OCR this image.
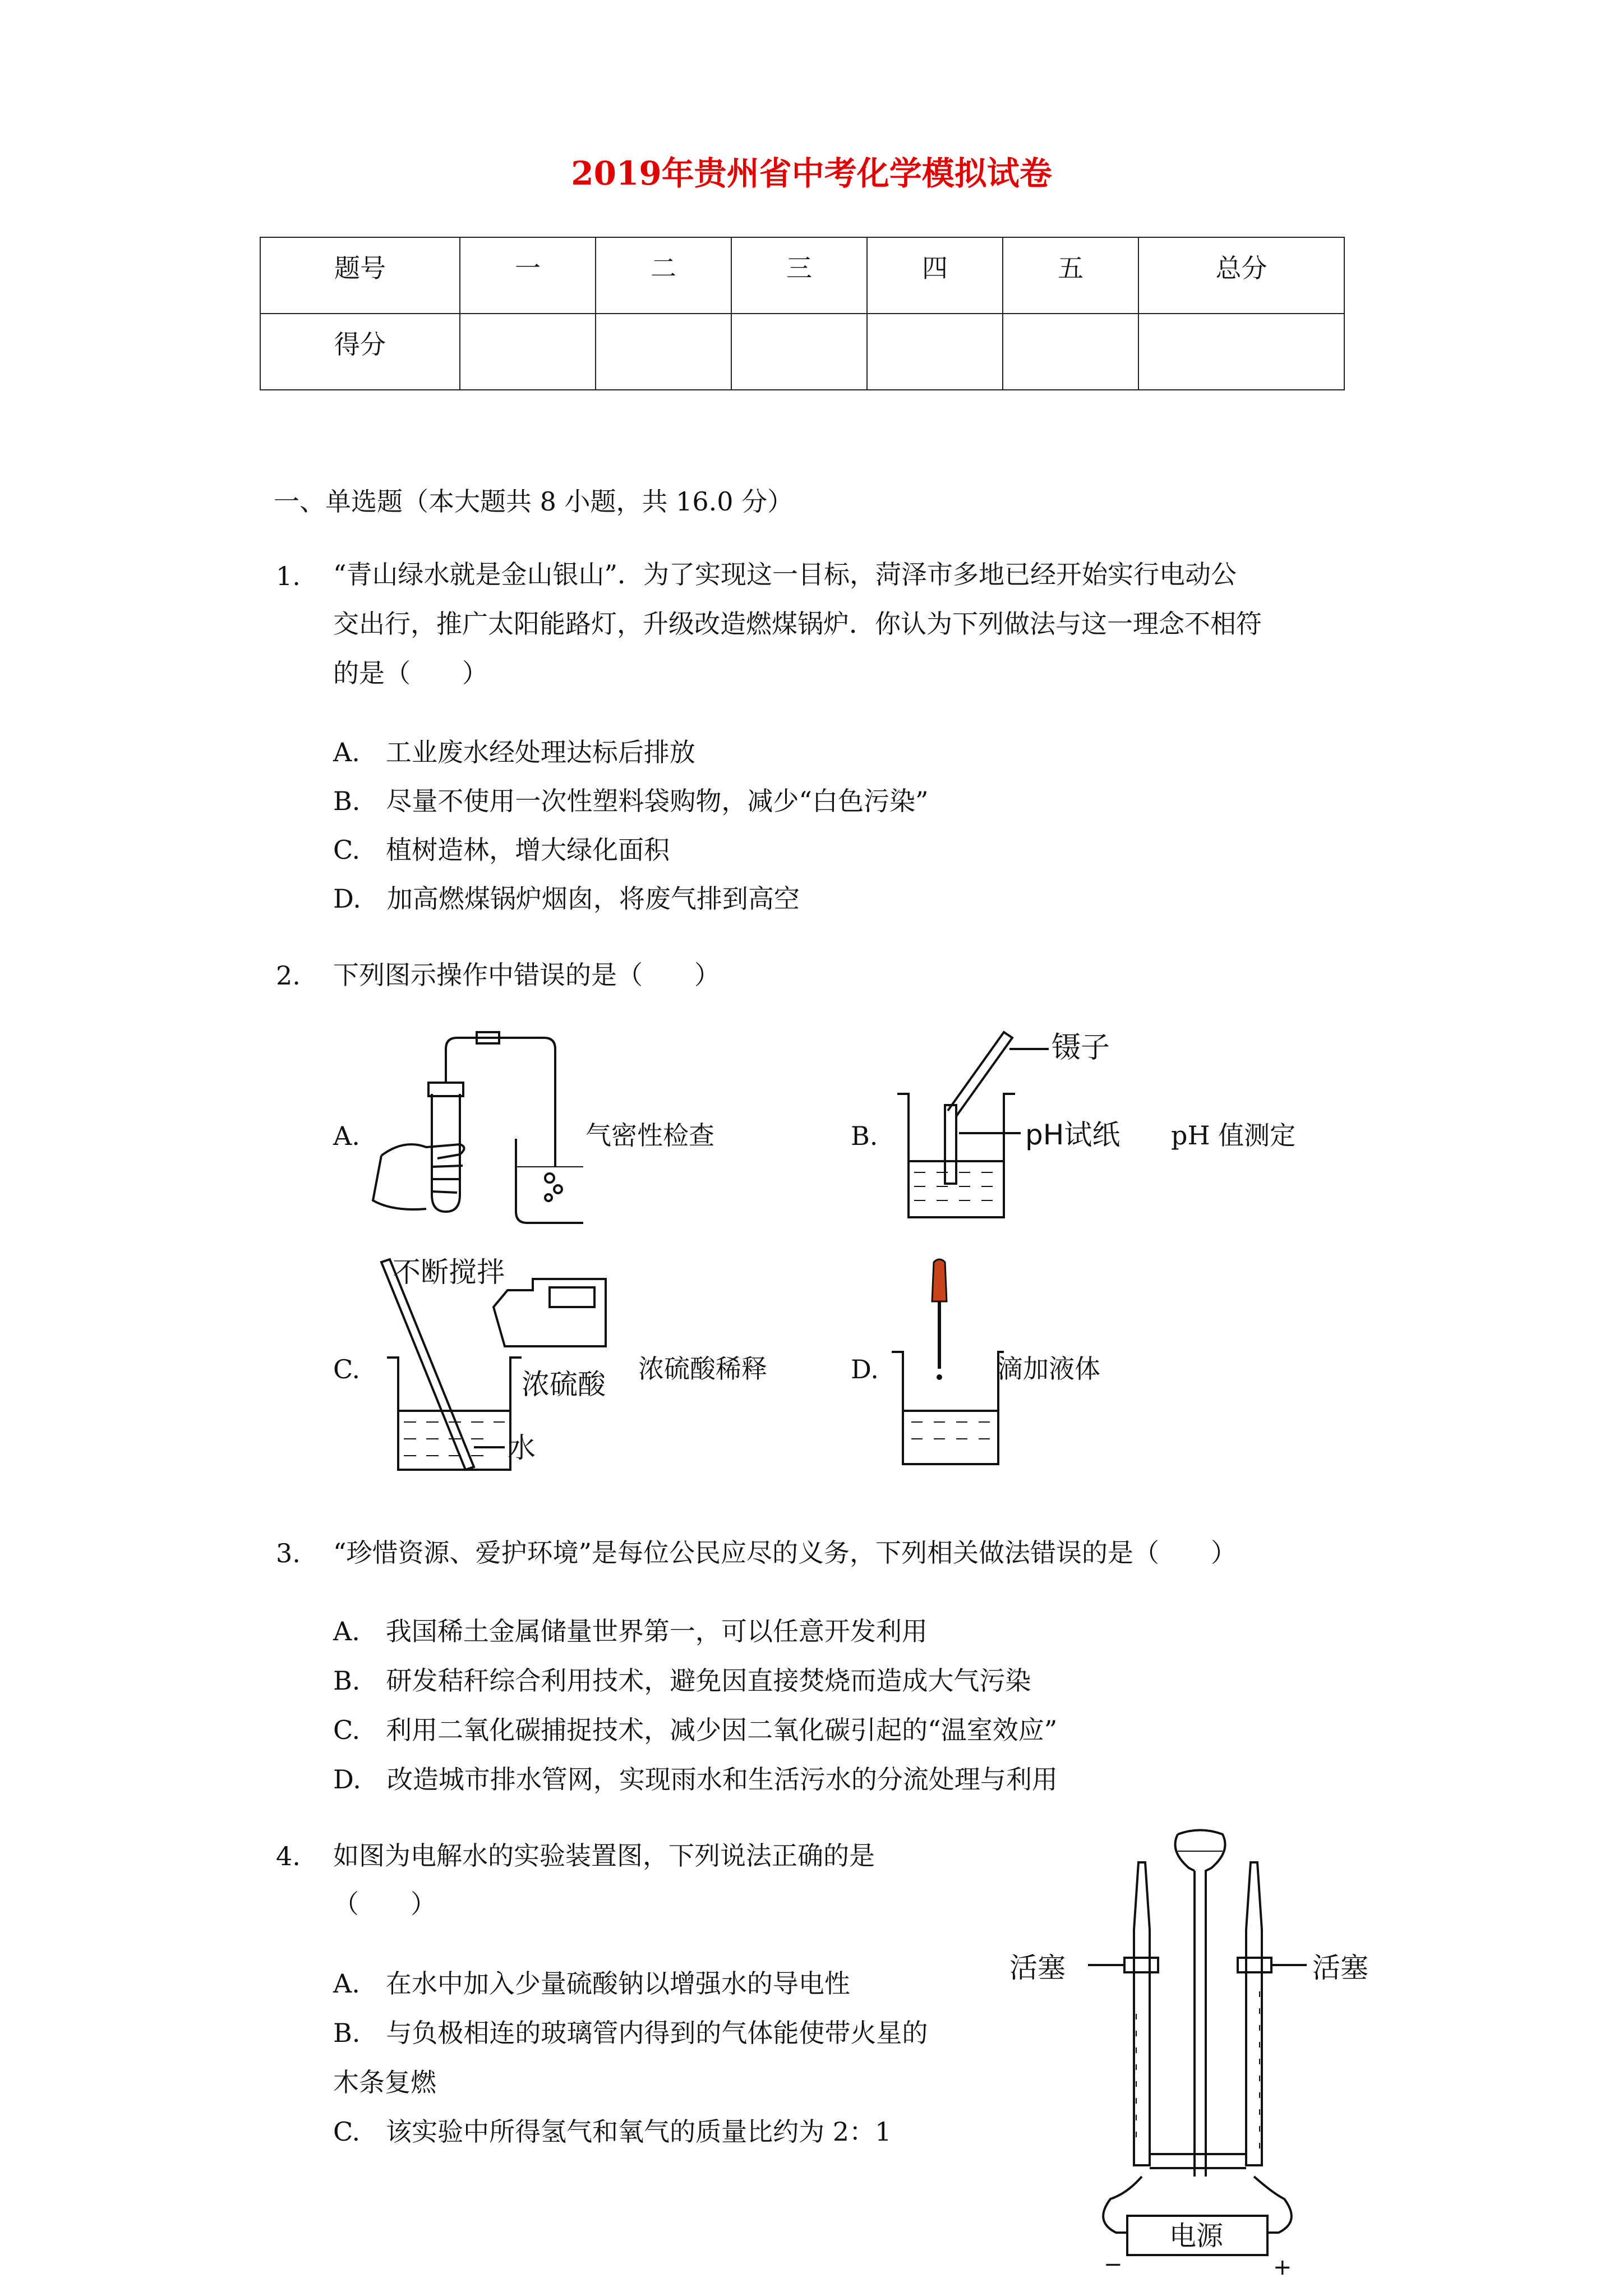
2019年贵州省中考化学模拟试卷
题号	一	二	三	四	五	总分
得分						
一、单选题（本大题共 8 小题，共 16.0 分）
1. “青山绿水就是金山银山”．为了实现这一目标，菏泽市多地已经开始实行电动公
交出行，推广太阳能路灯，升级改造燃煤锅炉．你认为下列做法与这一理念不相符
的是（　　）
A.　工业废水经处理达标后排放
B.　尽量不使用一次性塑料袋购物，减少“白色污染”
C.　植树造林，增大绿化面积
D.　加高燃煤锅炉烟囱，将废气排到高空
2. 下列图示操作中错误的是（　　）
A.	气密性检查	B.	pH 值测定
C.	浓硫酸稀释	D.	滴加液体
镊子
pH试纸
不断搅拌
浓硫酸
水
3. “珍惜资源、爱护环境”是每位公民应尽的义务，下列相关做法错误的是（　　）
A.　我国稀土金属储量世界第一，可以任意开发利用
B.　研发秸秆综合利用技术，避免因直接焚烧而造成大气污染
C.　利用二氧化碳捕捉技术，减少因二氧化碳引起的“温室效应”
D.　改造城市排水管网，实现雨水和生活污水的分流处理与利用
4. 如图为电解水的实验装置图，下列说法正确的是
（　　）
A.　在水中加入少量硫酸钠以增强水的导电性
B.　与负极相连的玻璃管内得到的气体能使带火星的
木条复燃
C.　该实验中所得氢气和氧气的质量比约为 2：1
活塞	活塞
电源
−	+
